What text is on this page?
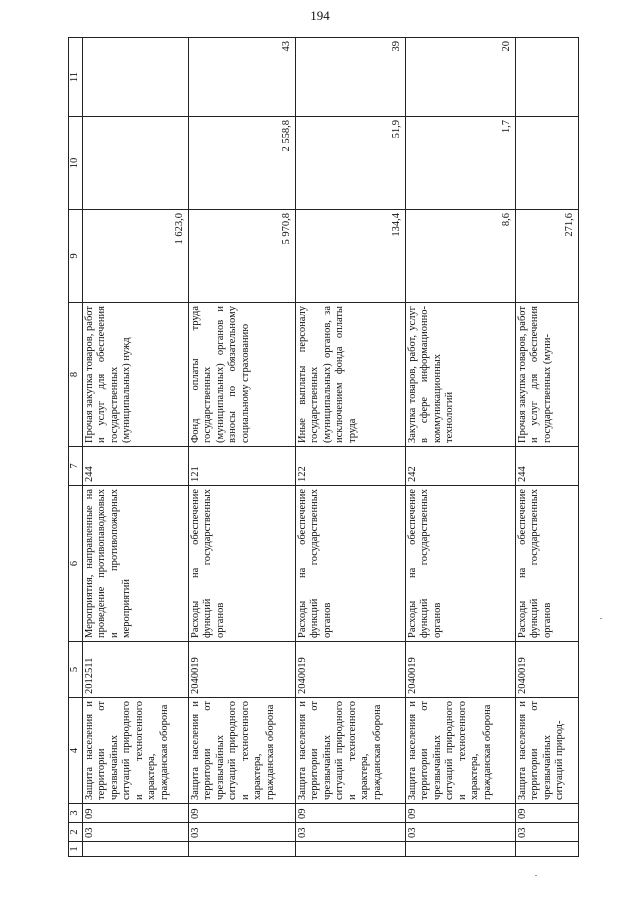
194
1	2	3	4	5	6	7	8	9	10	11
	03	09	Защита населения и территории от чрезвычайных ситуаций природного и техногенного характера, гражданская оборона	2012511	Мероприятия, направленные на проведение противопаводковых и противопожарных мероприятий	244	Прочая закупка товаров, работ и услуг для обеспечения государственных (муниципальных) нужд	1 623,0		
	03	09	Защита населения и территории от чрезвычайных ситуаций природного и техногенного характера, гражданская оборона	2040019	Расходы на обеспечение функций государственных органов	121	Фонд оплаты труда государственных (муниципальных) органов и взносы по обязательному социальному страхованию	5 970,8	2 558,8	43
	03	09	Защита населения и территории от чрезвычайных ситуаций природного и техногенного характера, гражданская оборона	2040019	Расходы на обеспечение функций государственных органов	122	Иные выплаты персоналу государственных (муниципальных) органов, за исключением фонда оплаты труда	134,4	51,9	39
	03	09	Защита населения и территории от чрезвычайных ситуаций природного и техногенного характера, гражданская оборона	2040019	Расходы на обеспечение функций государственных органов	242	Закупка товаров, работ, услуг в сфере информационно-коммуникационных технологий	8,6	1,7	20
	03	09	Защита населения и территории от чрезвычайных ситуаций природ-	2040019	Расходы на обеспечение функций государственных органов	244	Прочая закупка товаров, работ и услуг для обеспечения государственных (муни-	271,6		
